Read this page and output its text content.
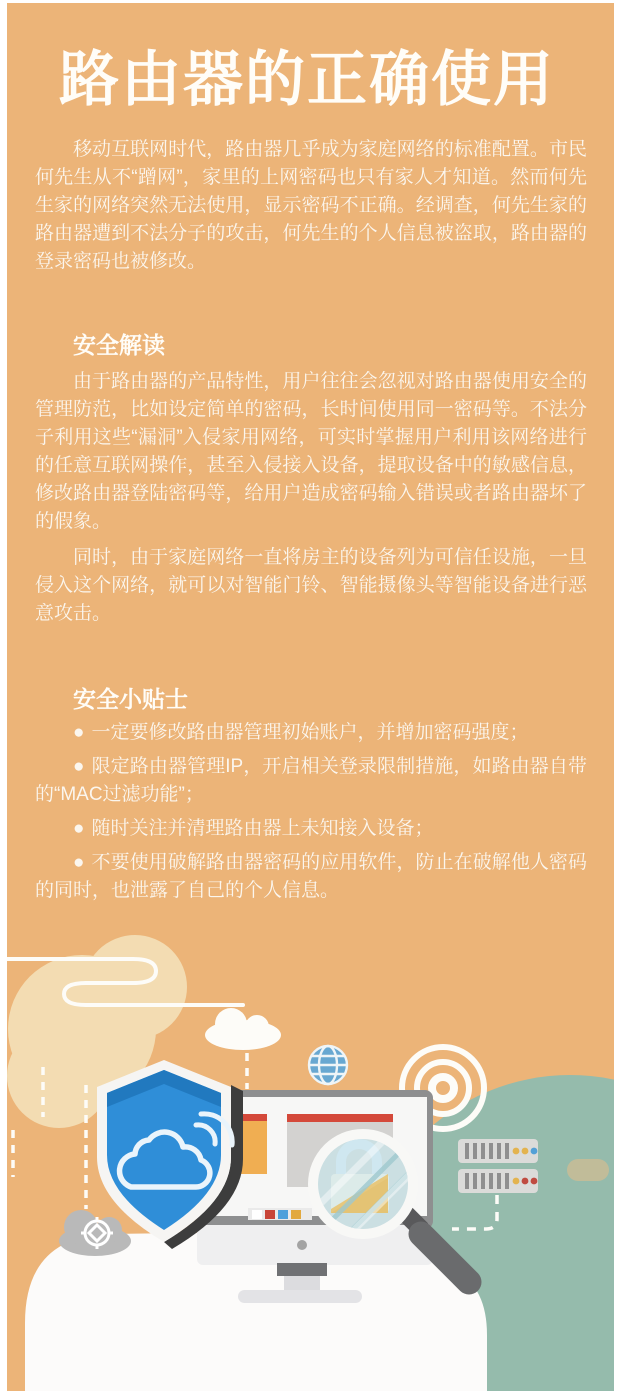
路由器的正确使用

移动互联网时代，路由器几乎成为家庭网络的标准配置。市民何先生从不“蹭网”，家里的上网密码也只有家人才知道。然而何先生家的网络突然无法使用，显示密码不正确。经调查，何先生家的路由器遭到不法分子的攻击，何先生的个人信息被盗取，路由器的登录密码也被修改。

安全解读

由于路由器的产品特性，用户往往会忽视对路由器使用安全的管理防范，比如设定简单的密码，长时间使用同一密码等。不法分子利用这些“漏洞”入侵家用网络，可实时掌握用户利用该网络进行的任意互联网操作，甚至入侵接入设备，提取设备中的敏感信息，修改路由器登陆密码等，给用户造成密码输入错误或者路由器坏了的假象。

同时，由于家庭网络一直将房主的设备列为可信任设施，一旦侵入这个网络，就可以对智能门铃、智能摄像头等智能设备进行恶意攻击。

安全小贴士

● 一定要修改路由器管理初始账户，并增加密码强度；

● 限定路由器管理IP，开启相关登录限制措施，如路由器自带的“MAC过滤功能”；

● 随时关注并清理路由器上未知接入设备；

● 不要使用破解路由器密码的应用软件，防止在破解他人密码的同时，也泄露了自己的个人信息。
